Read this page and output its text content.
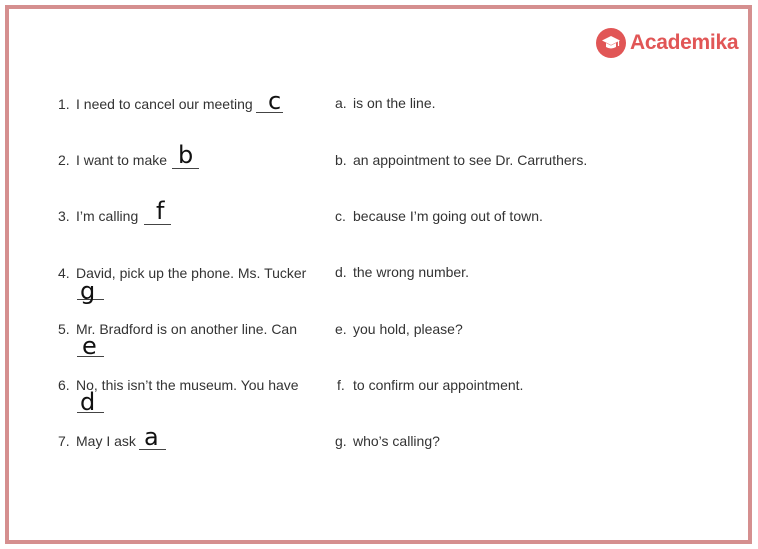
Academika
1. I need to cancel our meeting c
2. I want to make b
3. I’m calling f
4. David, pick up the phone. Ms. Tucker
g
5. Mr. Bradford is on another line. Can
e
6. No, this isn’t the museum. You have
d
7. May I ask a
a. is on the line.
b. an appointment to see Dr. Carruthers.
c. because I’m going out of town.
d. the wrong number.
e. you hold, please?
f. to confirm our appointment.
g. who’s calling?
